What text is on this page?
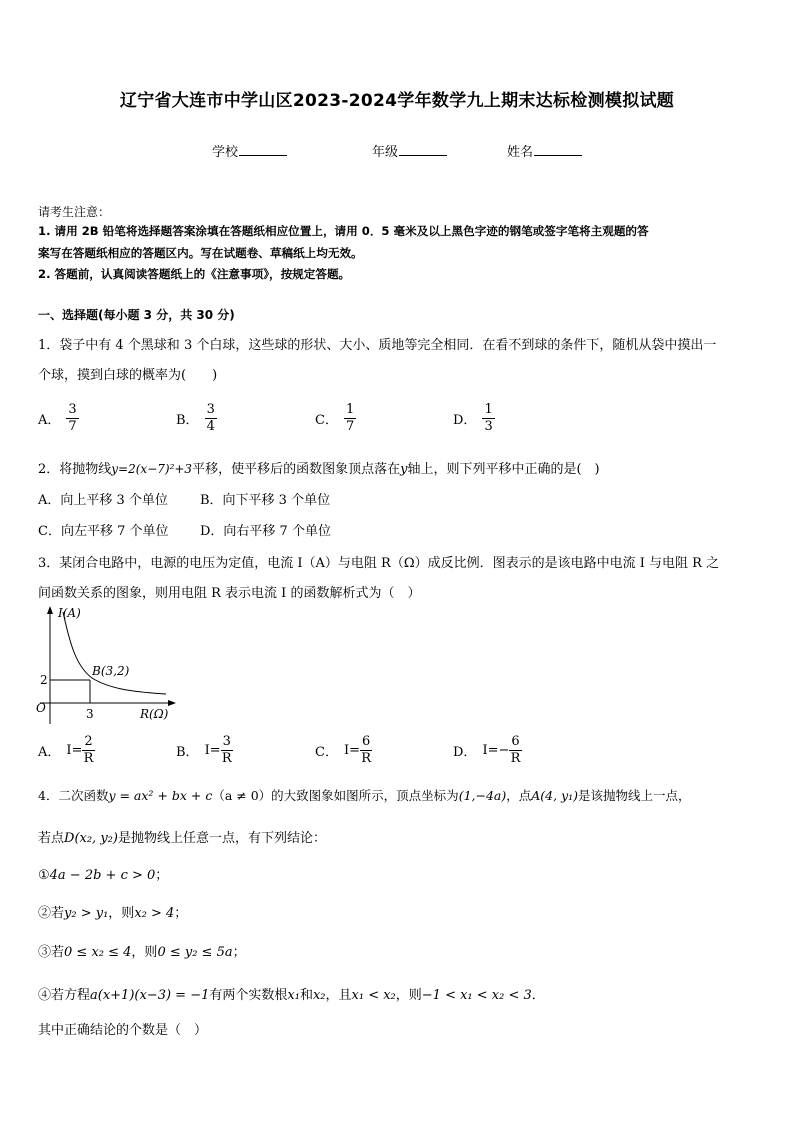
辽宁省大连市中学山区2023-2024学年数学九上期末达标检测模拟试题
学校	年级	姓名
请考生注意：
1. 请用 2B 铅笔将选择题答案涂填在答题纸相应位置上，请用 0．5 毫米及以上黑色字迹的钢笔或签字笔将主观题的答
案写在答题纸相应的答题区内。写在试题卷、草稿纸上均无效。
2. 答题前，认真阅读答题纸上的《注意事项》，按规定答题。
一、选择题(每小题 3 分，共 30 分)
1．袋子中有 4 个黑球和 3 个白球，这些球的形状、大小、质地等完全相同．在看不到球的条件下，随机从袋中摸出一
个球，摸到白球的概率为(　　)
A． $\frac{3}{7}$	B． $\frac{3}{4}$	C． $\frac{1}{7}$	D． $\frac{1}{3}$
2．将抛物线y=2(x−7)²+3平移，使平移后的函数图象顶点落在y轴上，则下列平移中正确的是(　)
A．向上平移 3 个单位 B．向下平移 3 个单位
C．向左平移 7 个单位 D．向右平移 7 个单位
3．某闭合电路中，电源的电压为定值，电流 I（A）与电阻 R（Ω）成反比例．图表示的是该电路中电流 I 与电阻 R 之
间函数关系的图象，则用电阻 R 表示电流 I 的函数解析式为（　）
I(A)
R(Ω)
O
B(3,2)
3
2
A． $I= \frac{2}{R}$	B． $I= \frac{3}{R}$	C． $I= \frac{6}{R}$	D． $I=- \frac{6}{R}$
4．二次函数y = ax² + bx + c（a ≠ 0）的大致图象如图所示，顶点坐标为(1,−4a)，点A(4, y₁)是该抛物线上一点，
若点D(x₂, y₂)是抛物线上任意一点，有下列结论：
①4a − 2b + c > 0；
②若y₂ > y₁，则x₂ > 4；
③若0 ≤ x₂ ≤ 4，则0 ≤ y₂ ≤ 5a；
④若方程a(x+1)(x−3) = −1有两个实数根x₁和x₂，且x₁ < x₂，则−1 < x₁ < x₂ < 3．
其中正确结论的个数是（　）
